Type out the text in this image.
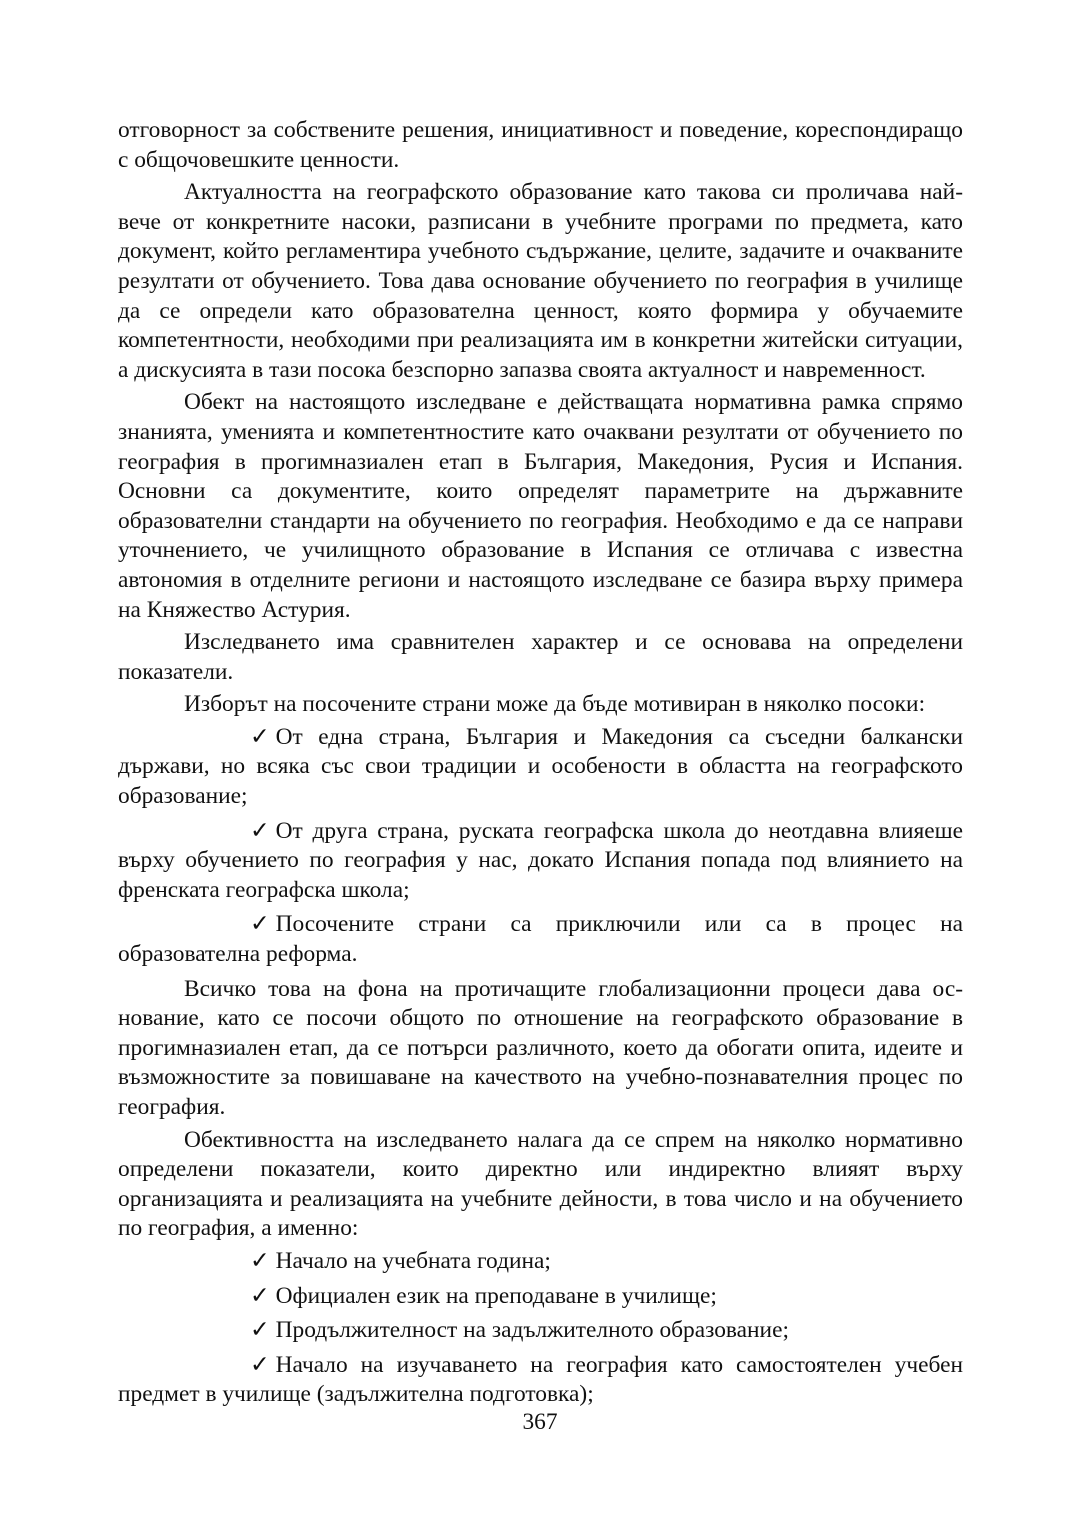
отговорност за собствените решения, инициативност и поведение, кореспондиращо с общочовешките ценности.

Актуалността на географското образование като такова си проличава най-вече от конкретните насоки, разписани в учебните програми по предмета, като документ, който регламентира учебното съдържание, целите, задачите и очакваните резултати от обучението. Това дава основание обучението по география в училище да се определи като образователна ценност, която формира у обучаемите компетентности, необходими при реализацията им в конкретни житейски ситуации, а дискусията в тази посока безспорно запазва своята актуалност и навременност.

Обект на настоящото изследване е действащата нормативна рамка спрямо знанията, уменията и компетентностите като очаквани резултати от обучението по география в прогимназиален етап в България, Македония, Русия и Испания. Основни са документите, които определят параметрите на държавните образователни стандарти на обучението по география. Необходимо е да се направи уточнението, че училищното образование в Испания се отличава с известна автономия в отделните региони и настоящото изследване се базира върху примера на Княжество Астурия.

Изследването има сравнителен характер и се основава на определени показатели.

Изборът на посочените страни може да бъде мотивиран в няколко посоки:

✓ От една страна, България и Македония са съседни балкански държави, но всяка със свои традиции и особености в областта на географското образование;

✓ От друга страна, руската географска школа до неотдавна влияеше върху обучението по география у нас, докато Испания попада под влиянието на френската географска школа;

✓ Посочените страни са приключили или са в процес на образователна реформа.

Всичко това на фона на протичащите глобализационни процеси дава основание, като се посочи общото по отношение на географското образование в прогимназиален етап, да се потърси различното, което да обогати опита, идеите и възможностите за повишаване на качеството на учебно-познавателния процес по география.

Обективността на изследването налага да се спрем на няколко нормативно определени показатели, които директно или индиректно влияят върху организацията и реализацията на учебните дейности, в това число и на обучението по география, а именно:

✓ Начало на учебната година;

✓ Официален език на преподаване в училище;

✓ Продължителност на задължителното образование;

✓ Начало на изучаването на география като самостоятелен учебен предмет в училище (задължителна подготовка);

367
